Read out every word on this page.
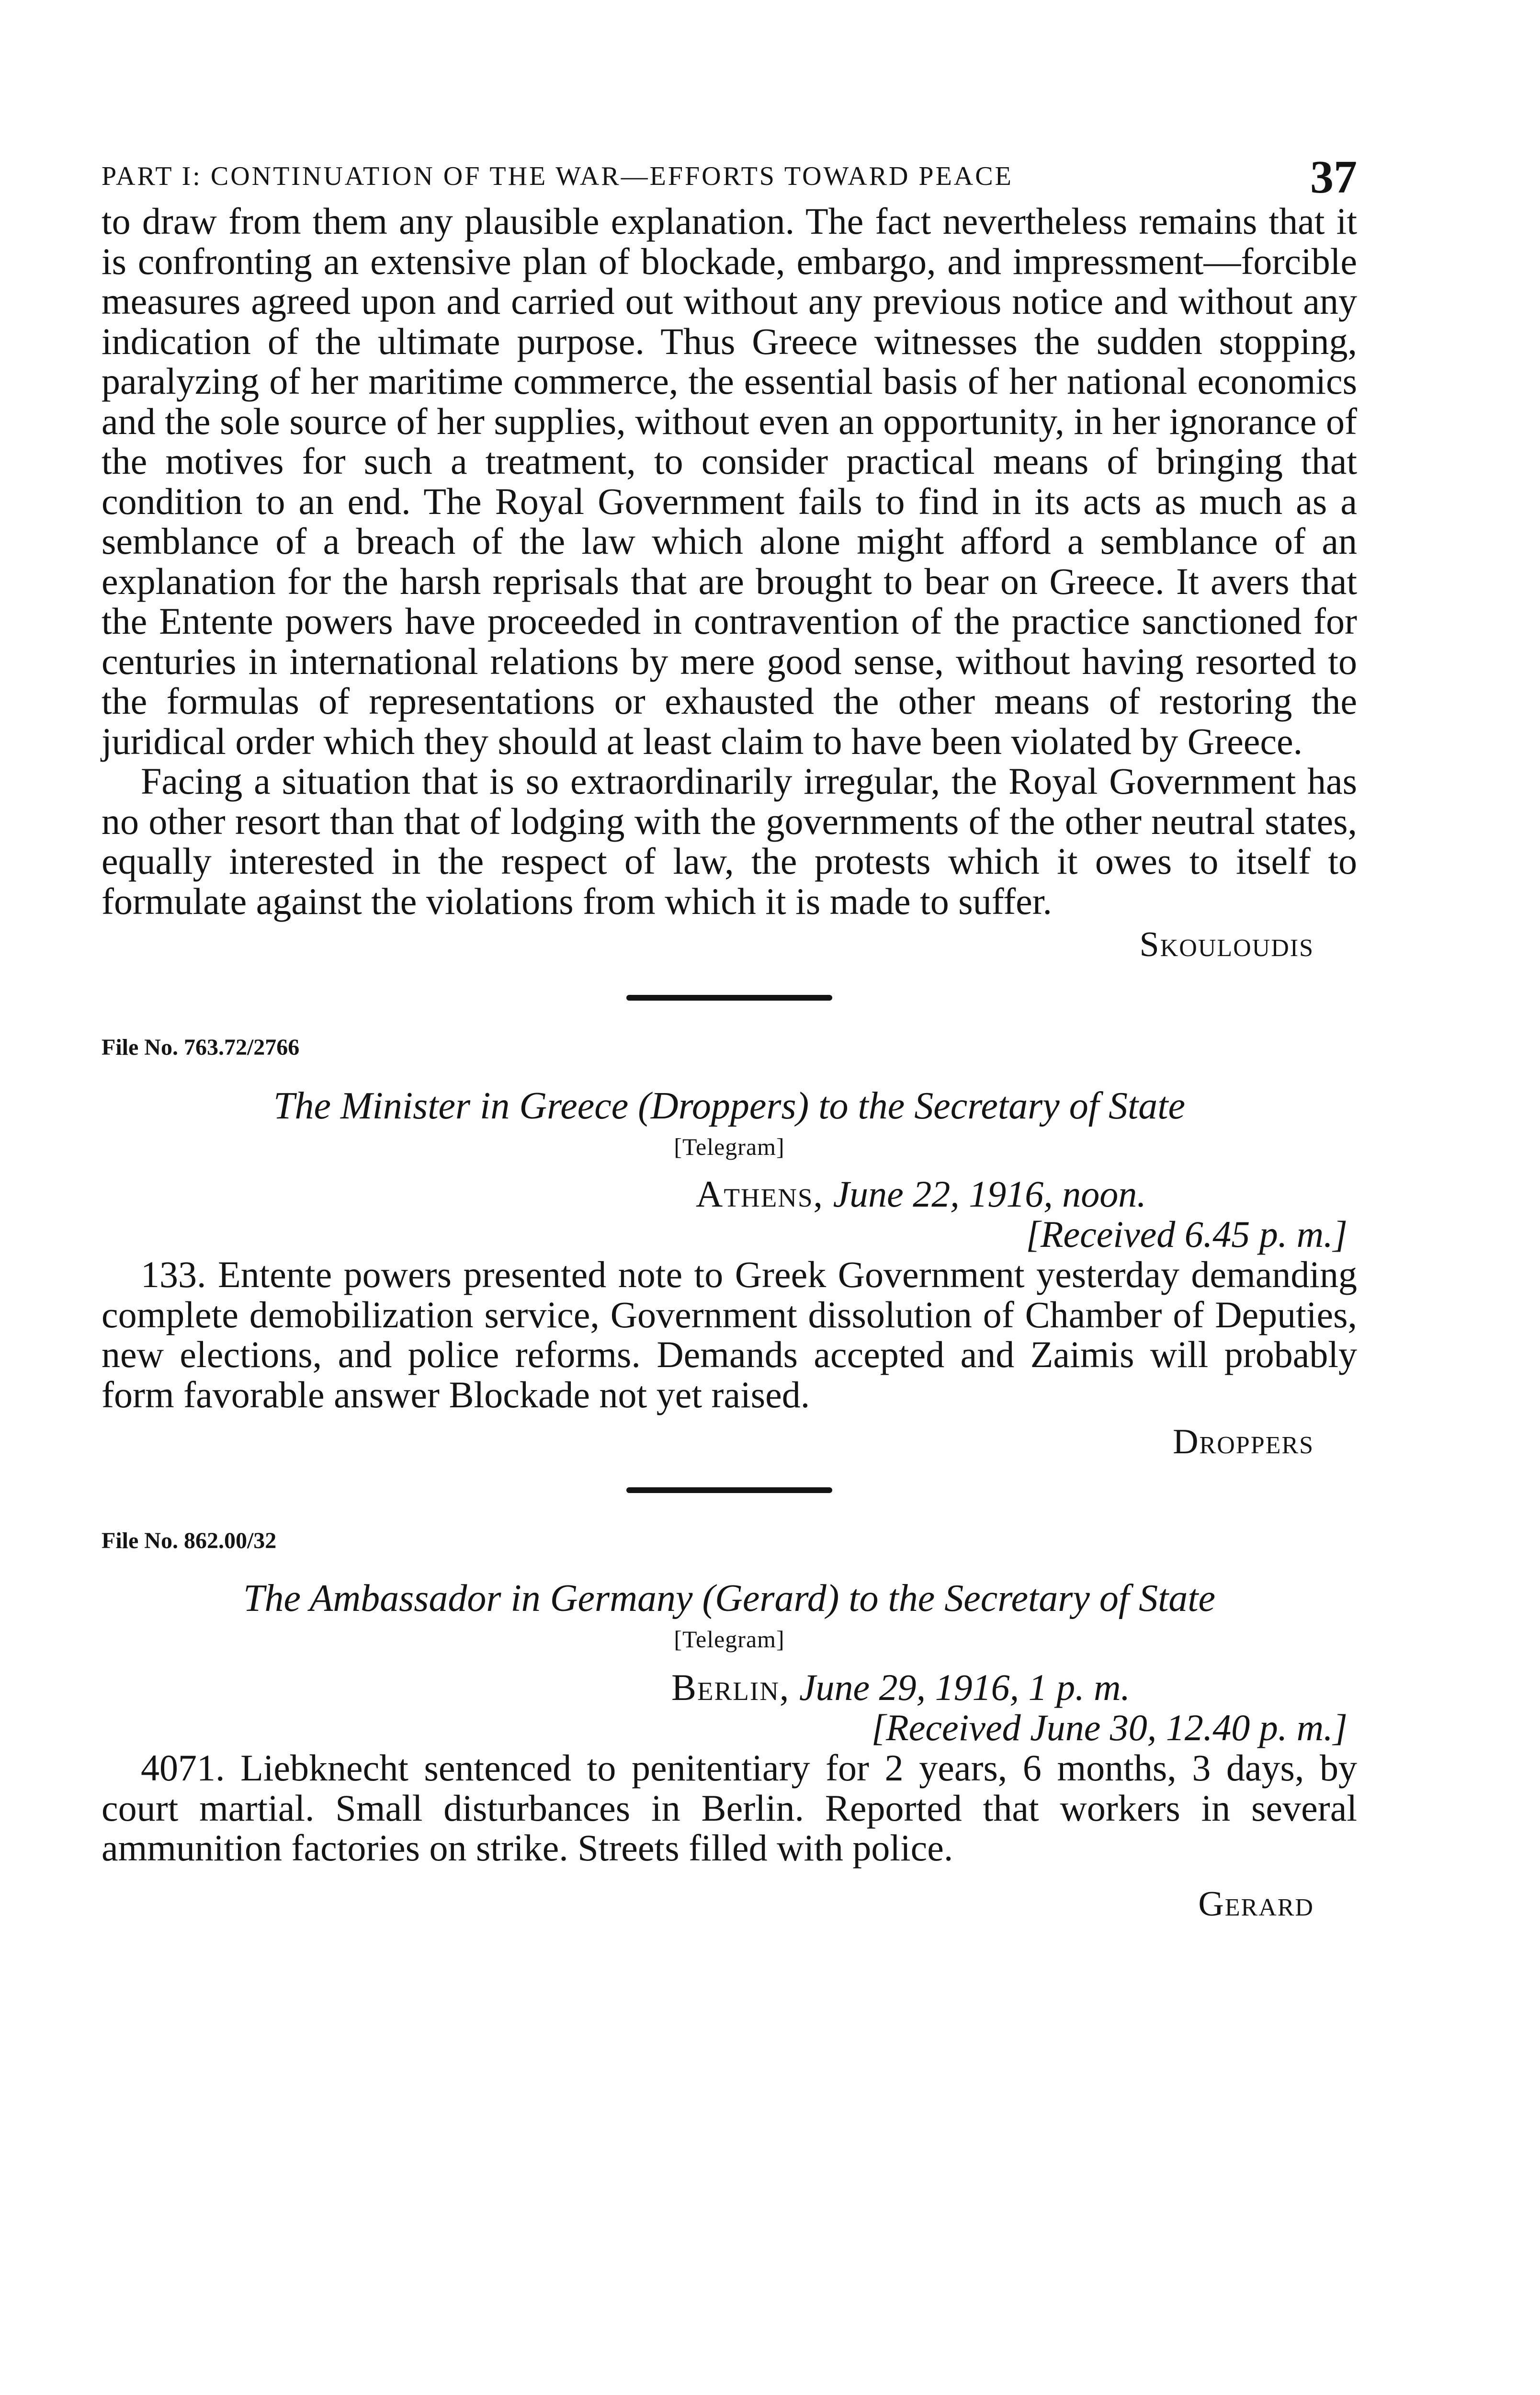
PART I: CONTINUATION OF THE WAR—EFFORTS TOWARD PEACE	37

to draw from them any plausible explanation. The fact nevertheless remains that it is confronting an extensive plan of blockade, embargo, and impressment—forcible measures agreed upon and carried out without any previous notice and without any indication of the ultimate purpose. Thus Greece witnesses the sudden stopping, paralyzing of her maritime commerce, the essential basis of her national economics and the sole source of her supplies, without even an opportunity, in her ignorance of the motives for such a treatment, to consider practical means of bringing that condition to an end. The Royal Government fails to find in its acts as much as a semblance of a breach of the law which alone might afford a semblance of an explanation for the harsh reprisals that are brought to bear on Greece. It avers that the Entente powers have proceeded in contravention of the practice sanctioned for centuries in international relations by mere good sense, without having resorted to the formulas of representations or exhausted the other means of restoring the juridical order which they should at least claim to have been violated by Greece.

Facing a situation that is so extraordinarily irregular, the Royal Government has no other resort than that of lodging with the governments of the other neutral states, equally interested in the respect of law, the protests which it owes to itself to formulate against the violations from which it is made to suffer.

Skouloudis

File No. 763.72/2766

The Minister in Greece (Droppers) to the Secretary of State

[Telegram]

Athens, June 22, 1916, noon.

[Received 6.45 p. m.]

133. Entente powers presented note to Greek Government yesterday demanding complete demobilization service, Government dissolution of Chamber of Deputies, new elections, and police reforms. Demands accepted and Zaimis will probably form favorable answer Blockade not yet raised.

Droppers

File No. 862.00/32

The Ambassador in Germany (Gerard) to the Secretary of State

[Telegram]

Berlin, June 29, 1916, 1 p. m.

[Received June 30, 12.40 p. m.]

4071. Liebknecht sentenced to penitentiary for 2 years, 6 months, 3 days, by court martial. Small disturbances in Berlin. Reported that workers in several ammunition factories on strike. Streets filled with police.

Gerard
